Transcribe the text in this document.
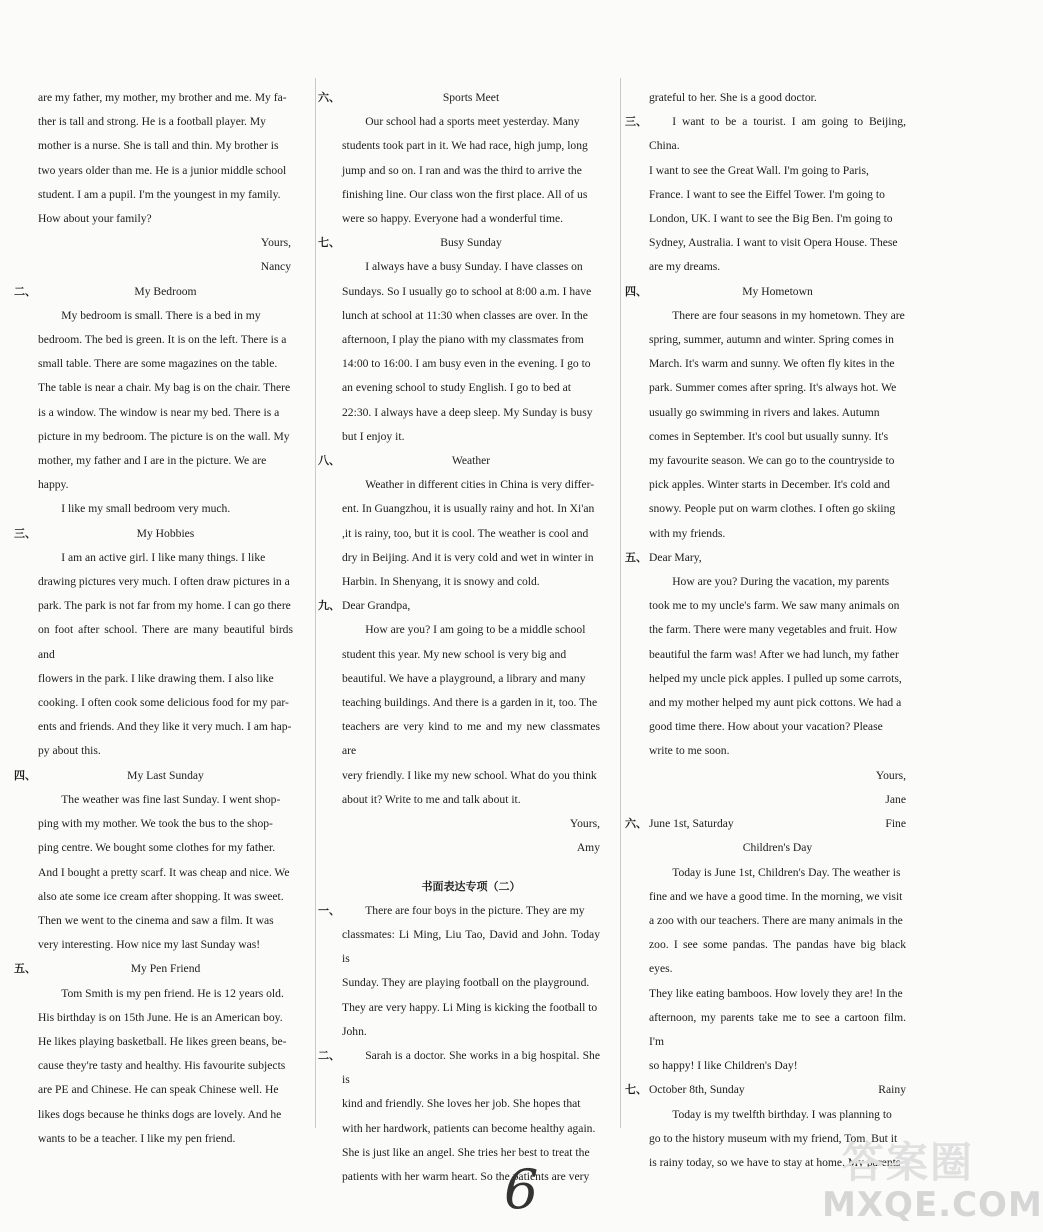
are my father, my mother, my brother and me. My fa-

ther is tall and strong. He is a football player. My

mother is a nurse. She is tall and thin. My brother is

two years older than me. He is a junior middle school

student. I am a pupil. I'm the youngest in my family.

How about your family?

Yours,

Nancy

二、	My Bedroom

My bedroom is small. There is a bed in my

bedroom. The bed is green. It is on the left. There is a

small table. There are some magazines on the table.

The table is near a chair. My bag is on the chair. There

is a window. The window is near my bed. There is a

picture in my bedroom. The picture is on the wall. My

mother, my father and I are in the picture. We are

happy.

I like my small bedroom very much.

三、	My Hobbies

I am an active girl. I like many things. I like

drawing pictures very much. I often draw pictures in a

park. The park is not far from my home. I can go there

on foot after school. There are many beautiful birds and

flowers in the park. I like drawing them. I also like

cooking. I often cook some delicious food for my par-

ents and friends. And they like it very much. I am hap-

py about this.

四、	My Last Sunday

The weather was fine last Sunday. I went shop-

ping with my mother. We took the bus to the shop-

ping centre. We bought some clothes for my father.

And I bought a pretty scarf. It was cheap and nice. We

also ate some ice cream after shopping. It was sweet.

Then we went to the cinema and saw a film. It was

very interesting. How nice my last Sunday was!

五、	My Pen Friend

Tom Smith is my pen friend. He is 12 years old.

His birthday is on 15th June. He is an American boy.

He likes playing basketball. He likes green beans, be-

cause they're tasty and healthy. His favourite subjects

are PE and Chinese. He can speak Chinese well. He

likes dogs because he thinks dogs are lovely. And he

wants to be a teacher. I like my pen friend.

六、	Sports Meet

Our school had a sports meet yesterday. Many

students took part in it. We had race, high jump, long

jump and so on. I ran and was the third to arrive the

finishing line. Our class won the first place. All of us

were so happy. Everyone had a wonderful time.

七、	Busy Sunday

I always have a busy Sunday. I have classes on

Sundays. So I usually go to school at 8:00 a.m. I have

lunch at school at 11:30 when classes are over. In the

afternoon, I play the piano with my classmates from

14:00 to 16:00. I am busy even in the evening. I go to

an evening school to study English. I go to bed at

22:30. I always have a deep sleep. My Sunday is busy

but I enjoy it.

八、	Weather

Weather in different cities in China is very differ-

ent. In Guangzhou, it is usually rainy and hot. In Xi'an

,it is rainy, too, but it is cool. The weather is cool and

dry in Beijing. And it is very cold and wet in winter in

Harbin. In Shenyang, it is snowy and cold.

九、 Dear Grandpa,

How are you? I am going to be a middle school

student this year. My new school is very big and

beautiful. We have a playground, a library and many

teaching buildings. And there is a garden in it, too. The

teachers are very kind to me and my new classmates are

very friendly. I like my new school. What do you think

about it? Write to me and talk about it.

Yours,

Amy

书面表达专项（二）
一、	There are four boys in the picture. They are my

classmates: Li Ming, Liu Tao, David and John. Today is

Sunday. They are playing football on the playground.

They are very happy. Li Ming is kicking the football to

John.

二、	Sarah is a doctor. She works in a big hospital. She is

kind and friendly. She loves her job. She hopes that

with her hardwork, patients can become healthy again.

She is just like an angel. She tries her best to treat the

patients with her warm heart. So the patients are very

grateful to her. She is a good doctor.

三、	I want to be a tourist. I am going to Beijing, China.

I want to see the Great Wall. I'm going to Paris,

France. I want to see the Eiffel Tower. I'm going to

London, UK. I want to see the Big Ben. I'm going to

Sydney, Australia. I want to visit Opera House. These

are my dreams.

四、	My Hometown

There are four seasons in my hometown. They are

spring, summer, autumn and winter. Spring comes in

March. It's warm and sunny. We often fly kites in the

park. Summer comes after spring. It's always hot. We

usually go swimming in rivers and lakes. Autumn

comes in September. It's cool but usually sunny. It's

my favourite season. We can go to the countryside to

pick apples. Winter starts in December. It's cold and

snowy. People put on warm clothes. I often go skiing

with my friends.

五、 Dear Mary,

How are you? During the vacation, my parents

took me to my uncle's farm. We saw many animals on

the farm. There were many vegetables and fruit. How

beautiful the farm was! After we had lunch, my father

helped my uncle pick apples. I pulled up some carrots,

and my mother helped my aunt pick cottons. We had a

good time there. How about your vacation? Please

write to me soon.

Yours,

Jane

六、 June 1st, Saturday	Fine
Children's Day

Today is June 1st, Children's Day. The weather is

fine and we have a good time. In the morning, we visit

a zoo with our teachers. There are many animals in the

zoo. I see some pandas. The pandas have big black eyes.

They like eating bamboos. How lovely they are! In the

afternoon, my parents take me to see a cartoon film. I'm

so happy! I like Children's Day!

七、 October 8th, Sunday	Rainy

Today is my twelfth birthday. I was planning to

go to the history museum with my friend, Tom. But it

is rainy today, so we have to stay at home. My parents

6	答案圈
MXQE.COM
